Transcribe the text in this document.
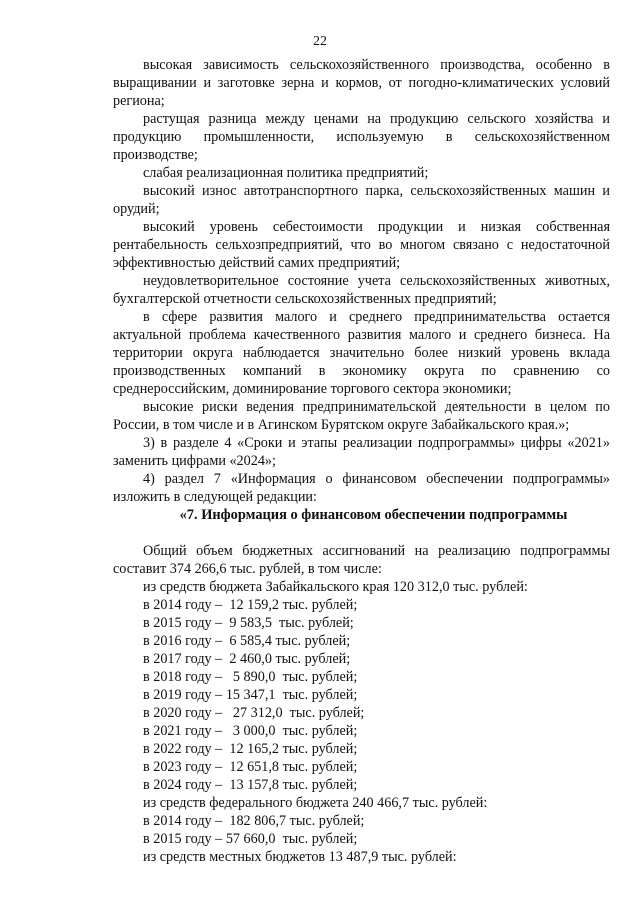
22

высокая зависимость сельскохозяйственного производства, особенно в выращивании и заготовке зерна и кормов, от погодно-климатических условий региона;

растущая разница между ценами на продукцию сельского хозяйства и продукцию промышленности, используемую в сельскохозяйственном производстве;

слабая реализационная политика предприятий;

высокий износ автотранспортного парка, сельскохозяйственных машин и орудий;

высокий уровень себестоимости продукции и низкая собственная рентабельность сельхозпредприятий, что во многом связано с недостаточной эффективностью действий самих предприятий;

неудовлетворительное состояние учета сельскохозяйственных животных, бухгалтерской отчетности сельскохозяйственных предприятий;

в сфере развития малого и среднего предпринимательства остается актуальной проблема качественного развития малого и среднего бизнеса. На территории округа наблюдается значительно более низкий уровень вклада производственных компаний в экономику округа по сравнению со среднероссийским, доминирование торгового сектора экономики;

высокие риски ведения предпринимательской деятельности в целом по России, в том числе и в Агинском Бурятском округе Забайкальского края.»;

3) в разделе 4 «Сроки и этапы реализации подпрограммы» цифры «2021» заменить цифрами «2024»;

4) раздел 7 «Информация о финансовом обеспечении подпрограммы» изложить в следующей редакции:

«7. Информация о финансовом обеспечении подпрограммы

Общий объем бюджетных ассигнований на реализацию подпрограммы составит 374 266,6 тыс. рублей, в том числе:

из средств бюджета Забайкальского края 120 312,0 тыс. рублей:

в 2014 году –  12 159,2 тыс. рублей;

в 2015 году –  9 583,5  тыс. рублей;

в 2016 году –  6 585,4 тыс. рублей;

в 2017 году –  2 460,0 тыс. рублей;

в 2018 году –   5 890,0  тыс. рублей;

в 2019 году – 15 347,1  тыс. рублей;

в 2020 году –   27 312,0  тыс. рублей;

в 2021 году –   3 000,0  тыс. рублей;

в 2022 году –  12 165,2 тыс. рублей;

в 2023 году –  12 651,8 тыс. рублей;

в 2024 году –  13 157,8 тыс. рублей;

из средств федерального бюджета 240 466,7 тыс. рублей:

в 2014 году –  182 806,7 тыс. рублей;

в 2015 году – 57 660,0  тыс. рублей;

из средств местных бюджетов 13 487,9 тыс. рублей:
